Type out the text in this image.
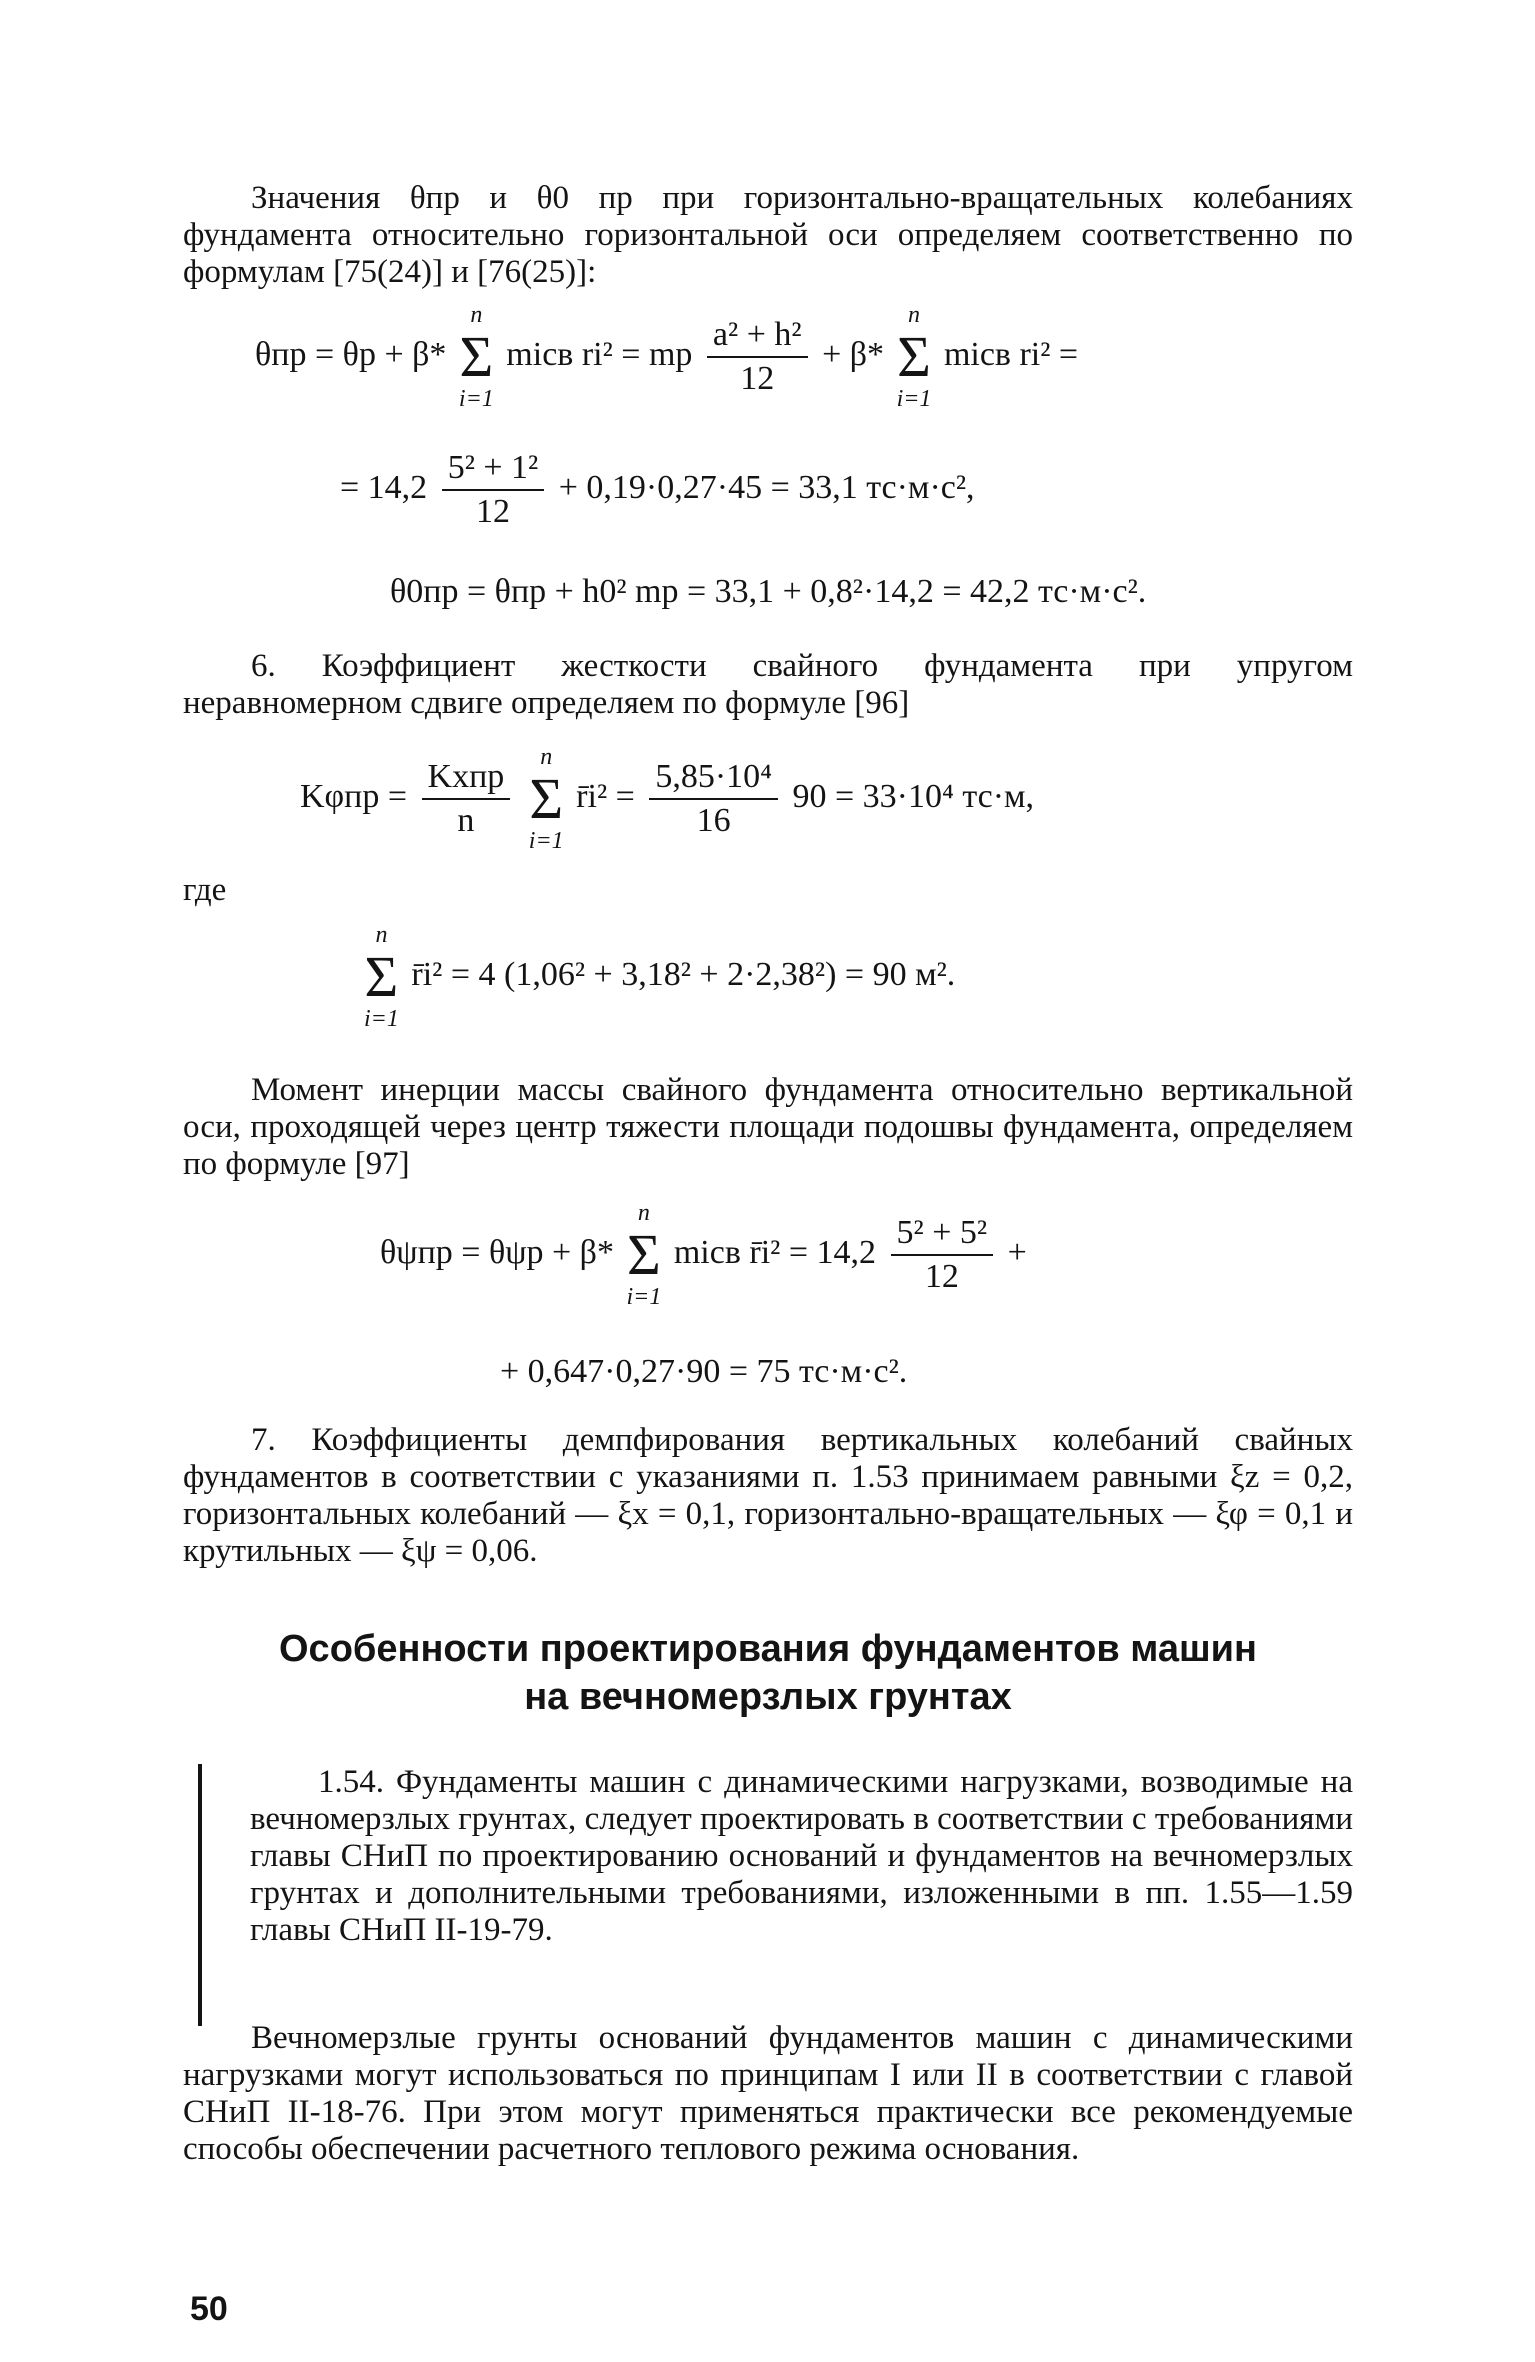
Значения θпр и θ0 пр при горизонтально-вращательных колебаниях фундамента относительно горизонтальной оси определяем соответственно по формулам [75(24)] и [76(25)]:

θпр = θр + β*
n
Σ
i=1
miсв ri² = mр $\frac{\text{a² + h²}}{12} + \beta*$
n
Σ
i=1
miсв ri² =
= $14,2 \frac{\text{5² + 1²}}{12} + 0,19\cdot 0,27\cdot 45 = 33,1$ тс·м·с²,
θ0пр = θпр + h0² mр = 33,1 + 0,8²·14,2 = 42,2 тс·м·с².

6. Коэффициент жесткости свайного фундамента при упругом неравномерном сдвиге определяем по формуле [96]

$K\varphi пр = \frac{\text{Kхпр}}{n}$

n
Σ
i=1
r̄i² = $\frac{\text{5,85·10⁴}}{16} 90 = 33\cdot 10^4$ тс·м,
где
n
Σ
i=1
r̄i² = 4 (1,06² + 3,18² + 2·2,38²) = 90 м².

Момент инерции массы свайного фундамента относительно вертикальной оси, проходящей через центр тяжести площади подошвы фундамента, определяем по формуле [97]

θψпр = θψр + β*
n
Σ
i=1
miсв r̄i² = $14,2 \frac{\text{5² + 5²}}{12}$ +
+ 0,647·0,27·90 = 75 тс·м·с².

7. Коэффициенты демпфирования вертикальных колебаний свайных фундаментов в соответствии с указаниями п. 1.53 принимаем равными ξz = 0,2, горизонтальных колебаний — ξx = 0,1, горизонтально-вращательных — ξφ = 0,1 и крутильных — ξψ = 0,06.

Особенности проектирования фундаментов машин
на вечномерзлых грунтах

1.54. Фундаменты машин с динамическими нагрузками, возводимые на вечномерзлых грунтах, следует проектировать в соответствии с требованиями главы СНиП по проектированию оснований и фундаментов на вечномерзлых грунтах и дополнительными требованиями, изложенными в пп. 1.55—1.59 главы СНиП II-19-79.

Вечномерзлые грунты оснований фундаментов машин с динамическими нагрузками могут использоваться по принципам I или II в соответствии с главой СНиП II-18-76. При этом могут применяться практически все рекомендуемые способы обеспечении расчетного теплового режима основания.

50
